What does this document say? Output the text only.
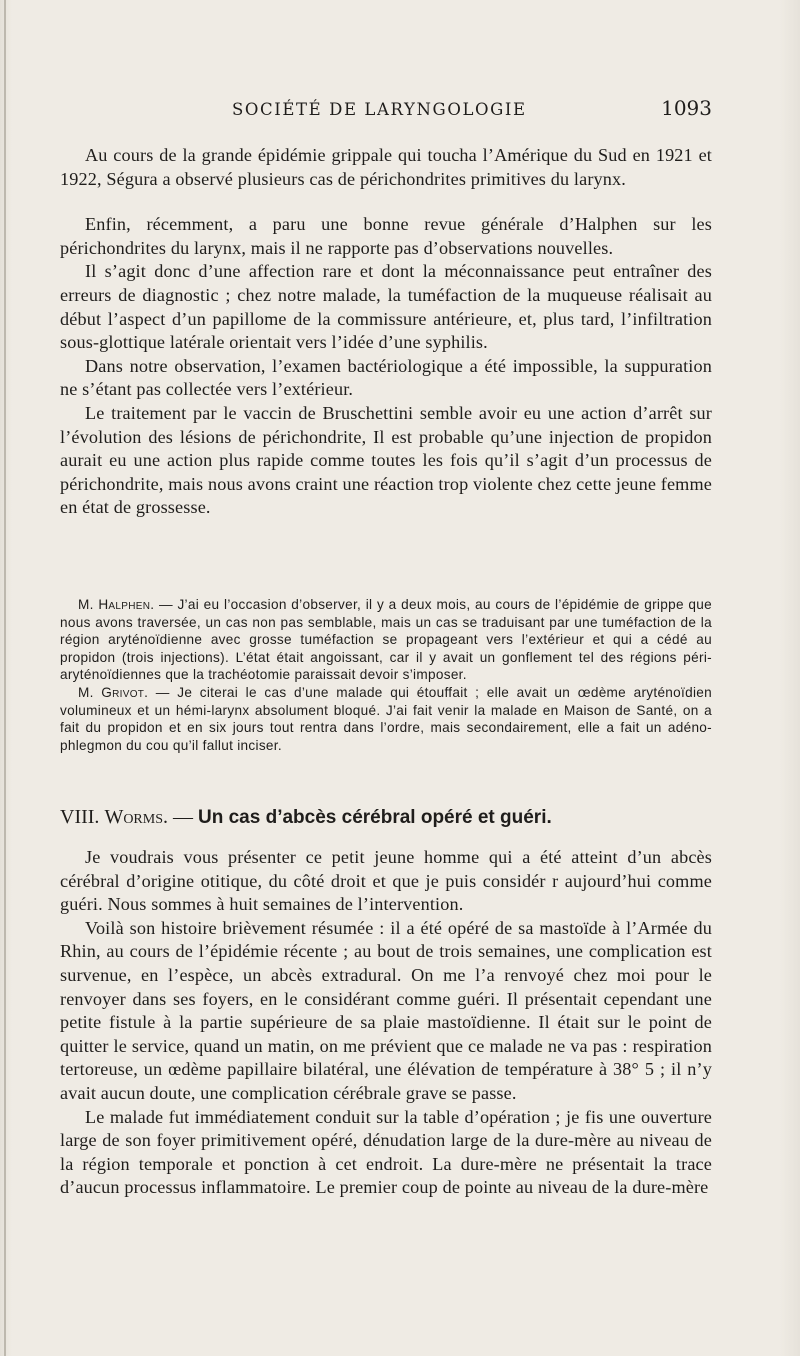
SOCIÉTÉ DE LARYNGOLOGIE	1093

Au cours de la grande épidémie grippale qui toucha l’Amérique du Sud en 1921 et 1922, Ségura a observé plusieurs cas de périchondrites primitives du larynx.

Enfin, récemment, a paru une bonne revue générale d’Halphen sur les périchondrites du larynx, mais il ne rapporte pas d’observations nouvelles.

Il s’agit donc d’une affection rare et dont la méconnaissance peut entraîner des erreurs de diagnostic ; chez notre malade, la tuméfaction de la muqueuse réalisait au début l’aspect d’un papillome de la commissure antérieure, et, plus tard, l’infiltration sous-glottique latérale orientait vers l’idée d’une syphilis.

Dans notre observation, l’examen bactériologique a été impossible, la suppuration ne s’étant pas collectée vers l’extérieur.

Le traitement par le vaccin de Bruschettini semble avoir eu une action d’arrêt sur l’évolution des lésions de périchondrite, Il est probable qu’une injection de propidon aurait eu une action plus rapide comme toutes les fois qu’il s’agit d’un processus de périchondrite, mais nous avons craint une réaction trop violente chez cette jeune femme en état de grossesse.

M. Halphen. — J’ai eu l’occasion d’observer, il y a deux mois, au cours de l’épidémie de grippe que nous avons traversée, un cas non pas semblable, mais un cas se traduisant par une tuméfaction de la région aryténoïdienne avec grosse tuméfaction se propageant vers l’extérieur et qui a cédé au propidon (trois injections). L’état était angoissant, car il y avait un gonflement tel des régions péri-aryténoïdiennes que la trachéotomie paraissait devoir s’imposer.

M. Grivot. — Je citerai le cas d’une malade qui étouffait ; elle avait un œdème aryténoïdien volumineux et un hémi-larynx absolument bloqué. J’ai fait venir la malade en Maison de Santé, on a fait du propidon et en six jours tout rentra dans l’ordre, mais secondairement, elle a fait un adéno-phlegmon du cou qu’il fallut inciser.

VIII. Worms. — Un cas d’abcès cérébral opéré et guéri.

Je voudrais vous présenter ce petit jeune homme qui a été atteint d’un abcès cérébral d’origine otitique, du côté droit et que je puis considér r aujourd’hui comme guéri. Nous sommes à huit semaines de l’intervention.

Voilà son histoire brièvement résumée : il a été opéré de sa mastoïde à l’Armée du Rhin, au cours de l’épidémie récente ; au bout de trois semaines, une complication est survenue, en l’espèce, un abcès extradural. On me l’a renvoyé chez moi pour le renvoyer dans ses foyers, en le considérant comme guéri. Il présentait cependant une petite fistule à la partie supérieure de sa plaie mastoïdienne. Il était sur le point de quitter le service, quand un matin, on me prévient que ce malade ne va pas : respiration tertoreuse, un œdème papillaire bilatéral, une élévation de température à 38° 5 ; il n’y avait aucun doute, une complication cérébrale grave se passe.

Le malade fut immédiatement conduit sur la table d’opération ; je fis une ouverture large de son foyer primitivement opéré, dénudation large de la dure-mère au niveau de la région temporale et ponction à cet endroit. La dure-mère ne présentait la trace d’aucun processus inflammatoire. Le premier coup de pointe au niveau de la dure-mère
